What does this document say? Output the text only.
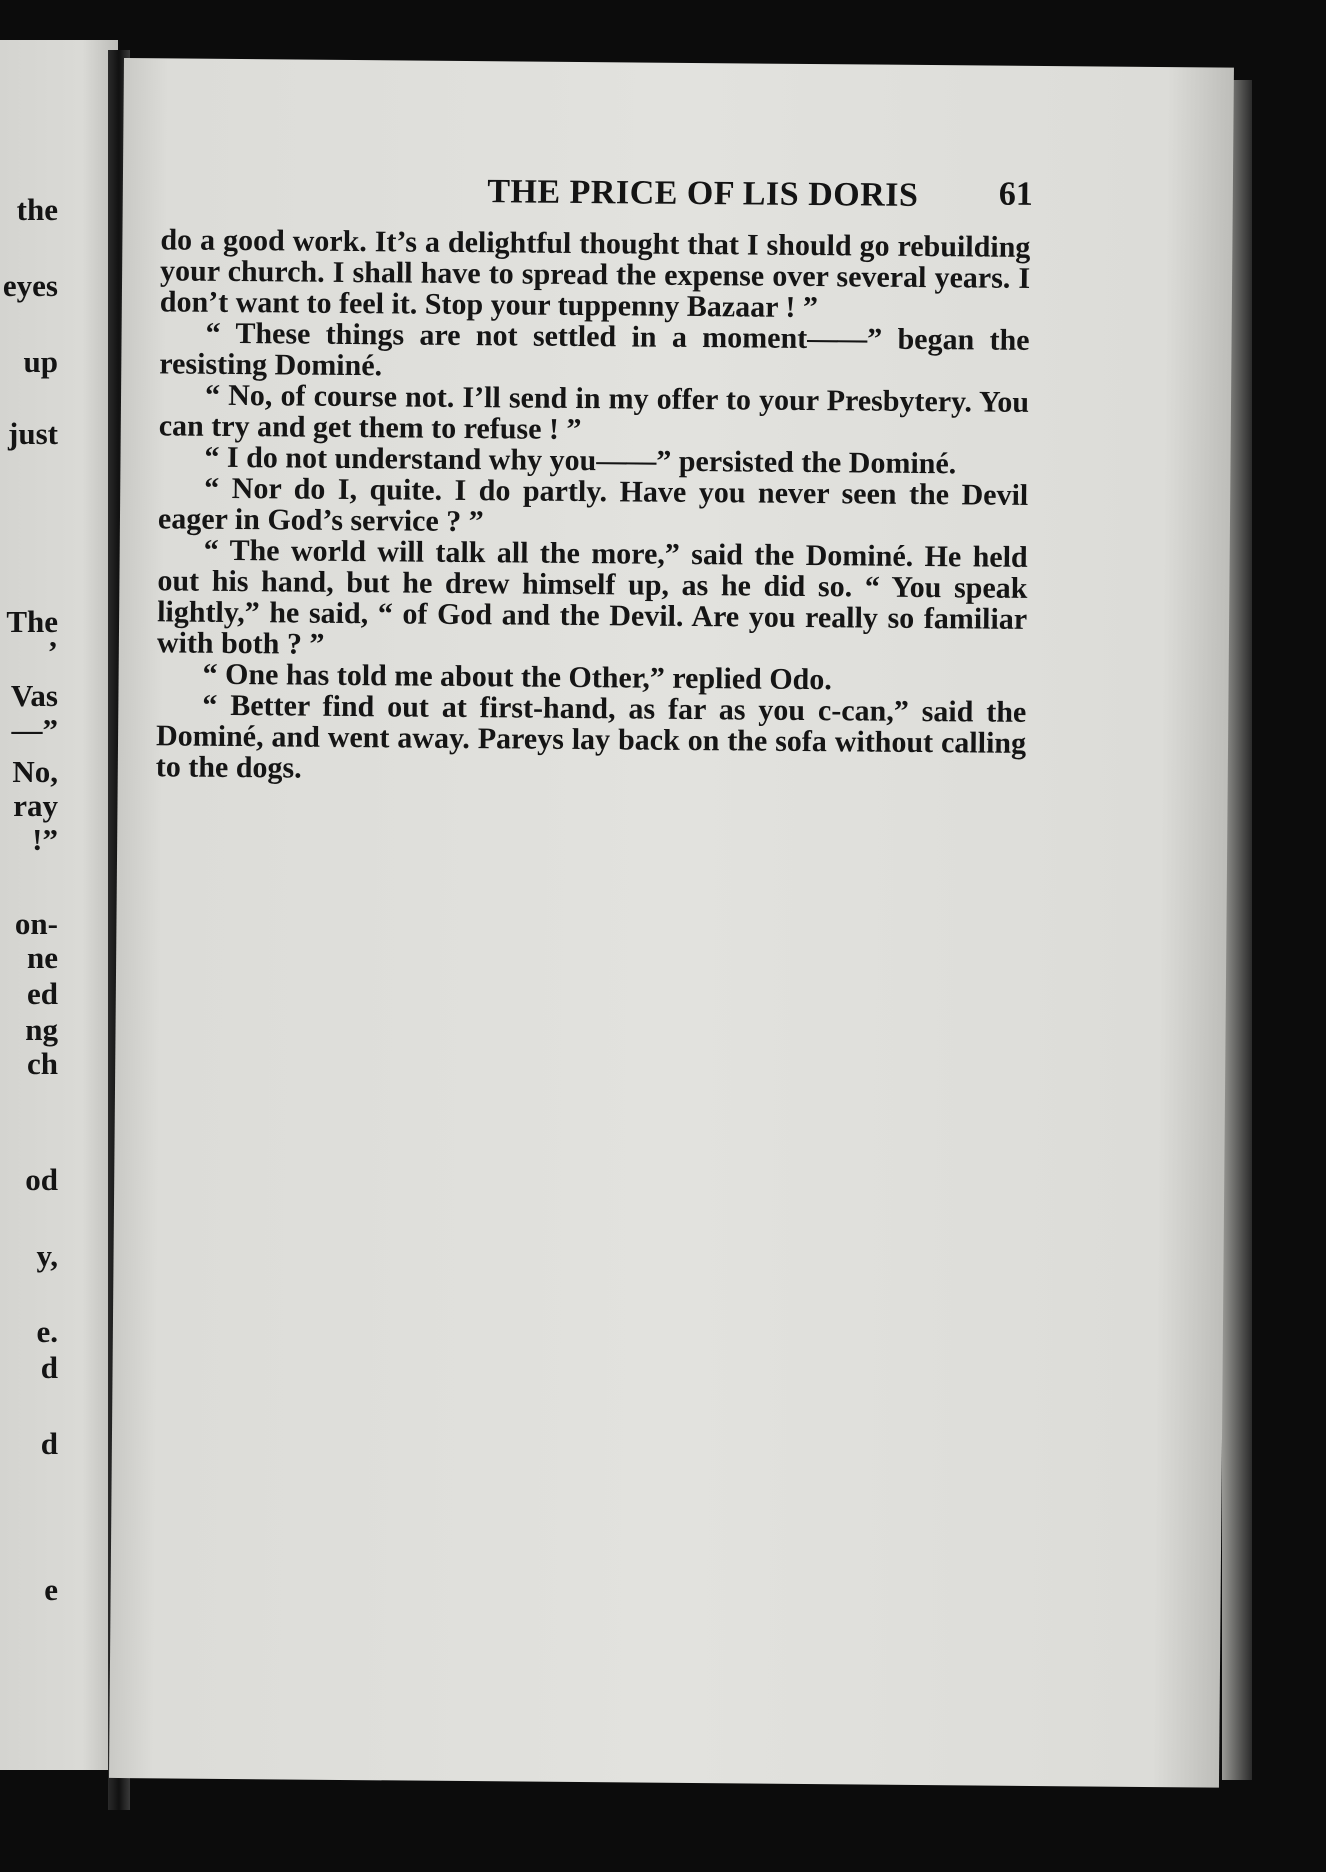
the
eyes
up
just
The
’
Vas
—”
No,
ray
!”
on-
ne
ed
ng
ch
od
y,
e.
d
d
e
THE PRICE OF LIS DORIS	61

do a good work. It’s a delightful thought that I should go rebuilding your church. I shall have to spread the expense over several years. I don’t want to feel it. Stop your tuppenny Bazaar ! ”

“ These things are not settled in a moment——” began the resisting Dominé.

“ No, of course not. I’ll send in my offer to your Presbytery. You can try and get them to refuse ! ”

“ I do not understand why you——” persisted the Dominé.

“ Nor do I, quite. I do partly. Have you never seen the Devil eager in God’s service ? ”

“ The world will talk all the more,” said the Dominé. He held out his hand, but he drew himself up, as he did so. “ You speak lightly,” he said, “ of God and the Devil. Are you really so familiar with both ? ”

“ One has told me about the Other,” replied Odo.

“ Better find out at first-hand, as far as you c-can,” said the Dominé, and went away. Pareys lay back on the sofa without calling to the dogs.
